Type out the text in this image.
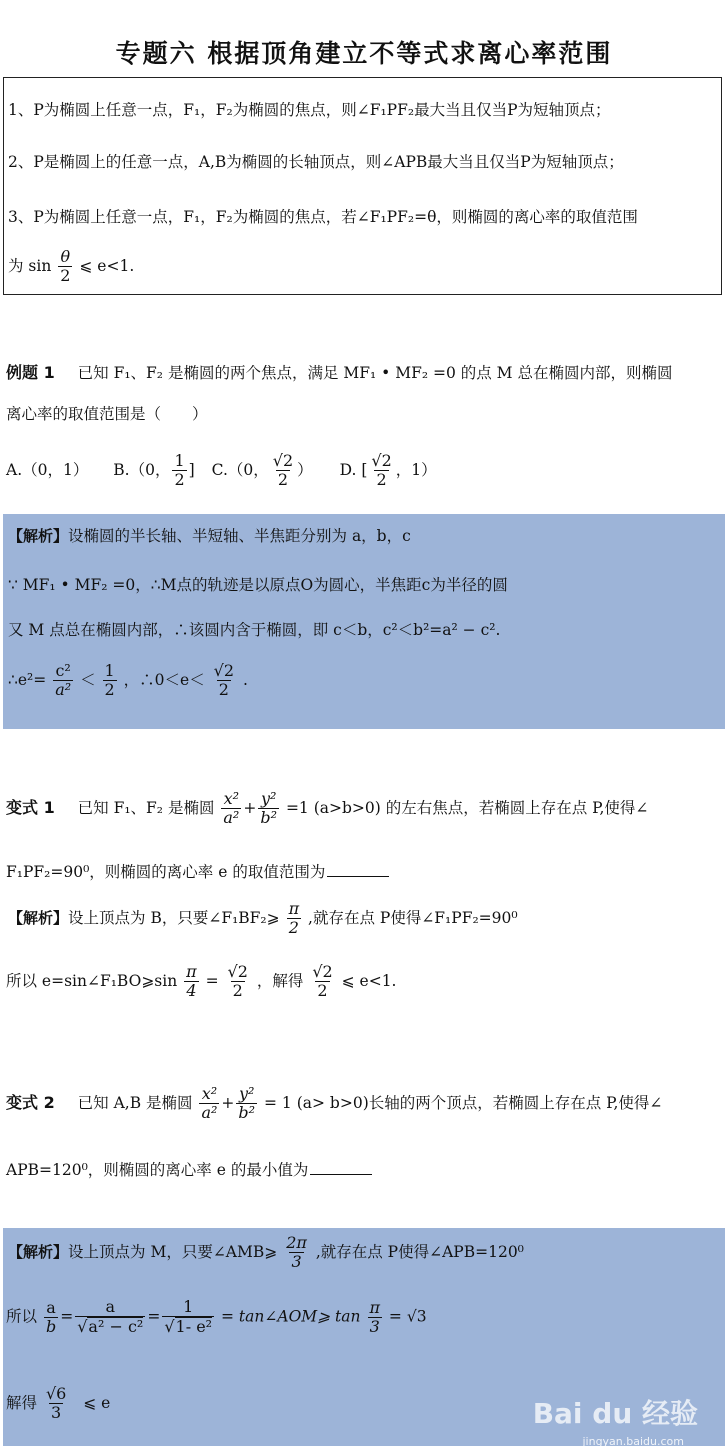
专题六 根据顶角建立不等式求离心率范围
1、P为椭圆上任意一点，F₁，F₂为椭圆的焦点，则∠F₁PF₂最大当且仅当P为短轴顶点；
2、P是椭圆上的任意一点，A,B为椭圆的长轴顶点，则∠APB最大当且仅当P为短轴顶点；
3、P为椭圆上任意一点，F₁，F₂为椭圆的焦点，若∠F₁PF₂=θ，则椭圆的离心率的取值范围
为 $\sin \frac{\theta}{2}$ ⩽ e<1.
例题 1 已知 F₁、F₂ 是椭圆的两个焦点，满足 MF₁ • MF₂ =0 的点 M 总在椭圆内部，则椭圆
离心率的取值范围是（　　）
A.（0，1） B.（0， $\frac{1}{2}$ ] C.（0， $\frac{√2}{2}$ ） D. [ $\frac{√2}{2}$ ，1）
【解析】设椭圆的半长轴、半短轴、半焦距分别为 a，b，c
∵ MF₁ • MF₂ =0，∴M点的轨迹是以原点O为圆心，半焦距c为半径的圆
又 M 点总在椭圆内部，∴该圆内含于椭圆，即 c＜b，c²＜b²=a² − c².
∴e²= $\frac{\text{c²}}{\text{a²}} < \frac{1}{2}$ ，∴0＜e＜ $\frac{√2}{2}$ .
变式 1 已知 F₁、F₂ 是椭圆 $\frac{\text{x²}}{\text{a²}} + \frac{\text{y²}}{\text{b²}} =1$ (a>b>0) 的左右焦点，若椭圆上存在点 P,使得∠
F₁PF₂=90⁰，则椭圆的离心率 e 的取值范围为
【解析】设上顶点为 B，只要∠F₁BF₂⩾ $\frac{\pi}{2}$ ,就存在点 P使得∠F₁PF₂=90⁰
所以 e=sin∠F₁BO⩾sin $\frac{\pi}{4} = \frac{√2}{2}$ ，解得 $\frac{√2}{2}$ ⩽ e<1.
变式 2 已知 A,B 是椭圆 $\frac{\text{x²}}{\text{a²}} + \frac{\text{y²}}{\text{b²}} = 1$ (a> b>0)长轴的两个顶点，若椭圆上存在点 P,使得∠
APB=120⁰，则椭圆的离心率 e 的最小值为
【解析】设上顶点为 M，只要∠AMB⩾ $\frac{2\pi}{3}$ ,就存在点 P使得∠APB=120⁰
所以 $\frac{a}{b} = \frac{a}{\text{√a² − c²}} = \frac{1}{\text{√1- e²}}$ = tan∠AOM⩾ $\tan \frac{\pi}{3} = √3$
解得 $\frac{√6}{3}$ ⩽ e	Bai du 经验
jingyan.baidu.com
